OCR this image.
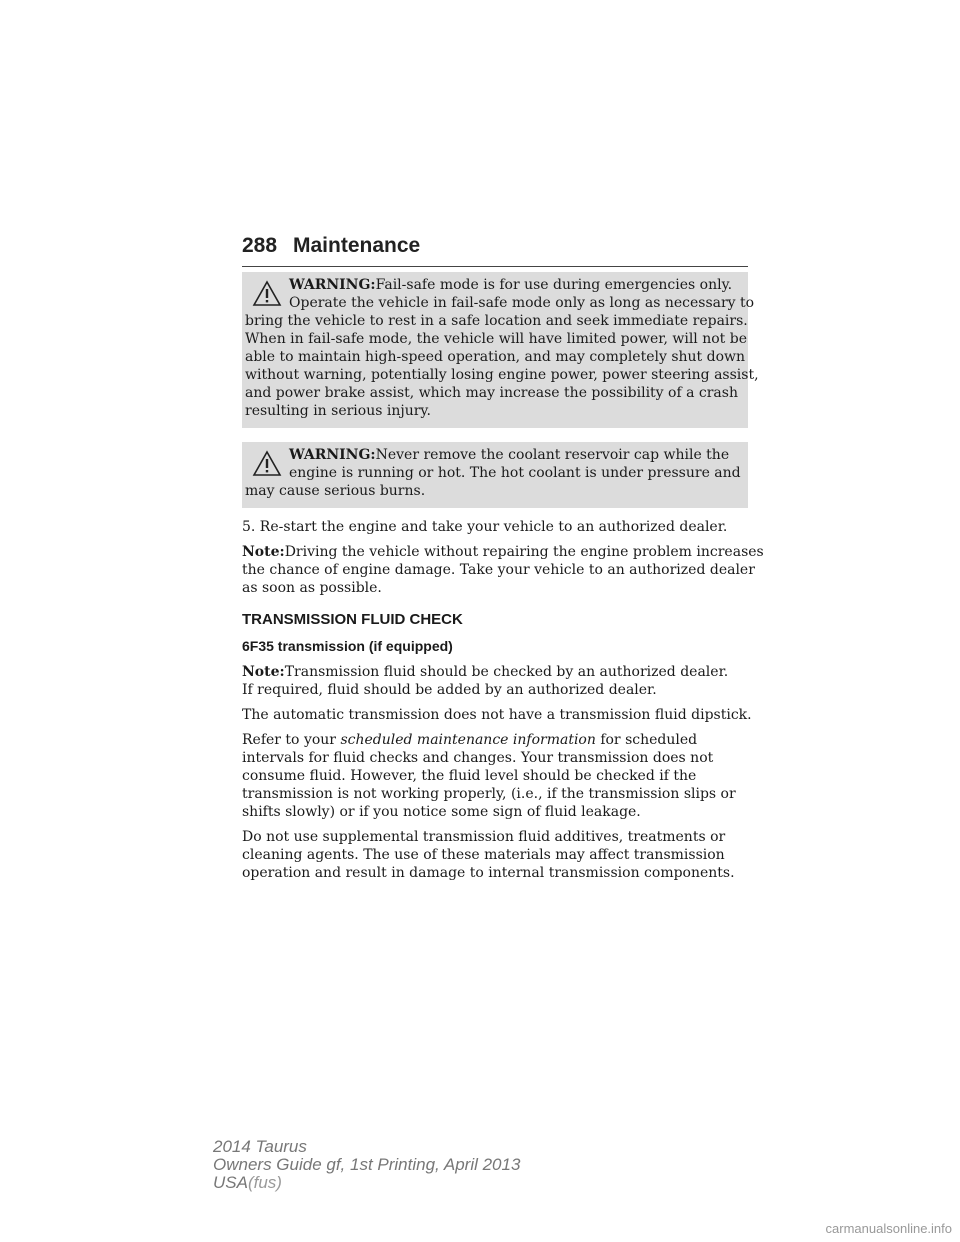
288 Maintenance
WARNING:Fail-safe mode is for use during emergencies only.
Operate the vehicle in fail-safe mode only as long as necessary to
bring the vehicle to rest in a safe location and seek immediate repairs.
When in fail-safe mode, the vehicle will have limited power, will not be
able to maintain high-speed operation, and may completely shut down
without warning, potentially losing engine power, power steering assist,
and power brake assist, which may increase the possibility of a crash
resulting in serious injury.
WARNING:Never remove the coolant reservoir cap while the
engine is running or hot. The hot coolant is under pressure and
may cause serious burns.
5. Re-start the engine and take your vehicle to an authorized dealer.
Note:Driving the vehicle without repairing the engine problem increases
the chance of engine damage. Take your vehicle to an authorized dealer
as soon as possible.
TRANSMISSION FLUID CHECK
6F35 transmission (if equipped)
Note:Transmission fluid should be checked by an authorized dealer.
If required, fluid should be added by an authorized dealer.
The automatic transmission does not have a transmission fluid dipstick.
Refer to your scheduled maintenance information for scheduled
intervals for fluid checks and changes. Your transmission does not
consume fluid. However, the fluid level should be checked if the
transmission is not working properly, (i.e., if the transmission slips or
shifts slowly) or if you notice some sign of fluid leakage.
Do not use supplemental transmission fluid additives, treatments or
cleaning agents. The use of these materials may affect transmission
operation and result in damage to internal transmission components.
2014 Taurus
Owners Guide gf, 1st Printing, April 2013
USA(fus)
carmanualsonline.info
